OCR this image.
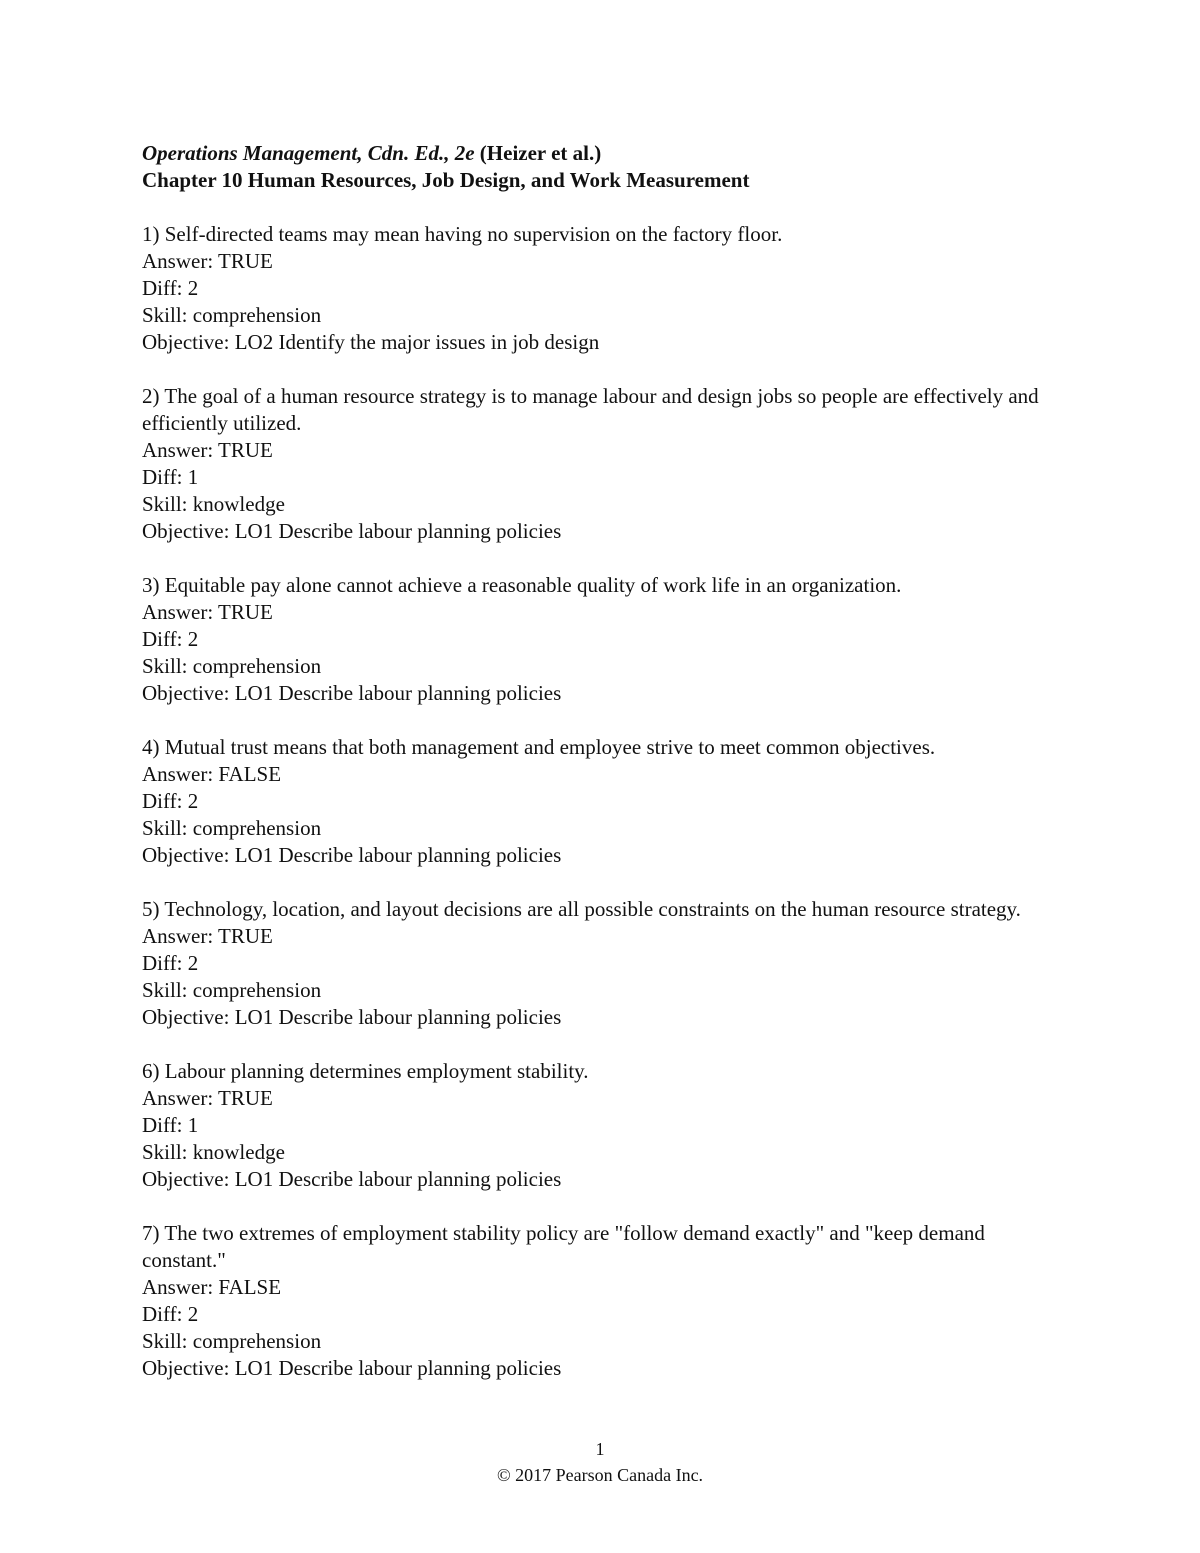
Operations Management, Cdn. Ed., 2e (Heizer et al.)
Chapter 10 Human Resources, Job Design, and Work Measurement
1) Self-directed teams may mean having no supervision on the factory floor.
Answer: TRUE
Diff: 2
Skill: comprehension
Objective: LO2 Identify the major issues in job design
2) The goal of a human resource strategy is to manage labour and design jobs so people are effectively and efficiently utilized.
Answer: TRUE
Diff: 1
Skill: knowledge
Objective: LO1 Describe labour planning policies
3) Equitable pay alone cannot achieve a reasonable quality of work life in an organization.
Answer: TRUE
Diff: 2
Skill: comprehension
Objective: LO1 Describe labour planning policies
4) Mutual trust means that both management and employee strive to meet common objectives.
Answer: FALSE
Diff: 2
Skill: comprehension
Objective: LO1 Describe labour planning policies
5) Technology, location, and layout decisions are all possible constraints on the human resource strategy.
Answer: TRUE
Diff: 2
Skill: comprehension
Objective: LO1 Describe labour planning policies
6) Labour planning determines employment stability.
Answer: TRUE
Diff: 1
Skill: knowledge
Objective: LO1 Describe labour planning policies
7) The two extremes of employment stability policy are "follow demand exactly" and "keep demand constant."
Answer: FALSE
Diff: 2
Skill: comprehension
Objective: LO1 Describe labour planning policies
1
© 2017 Pearson Canada Inc.
